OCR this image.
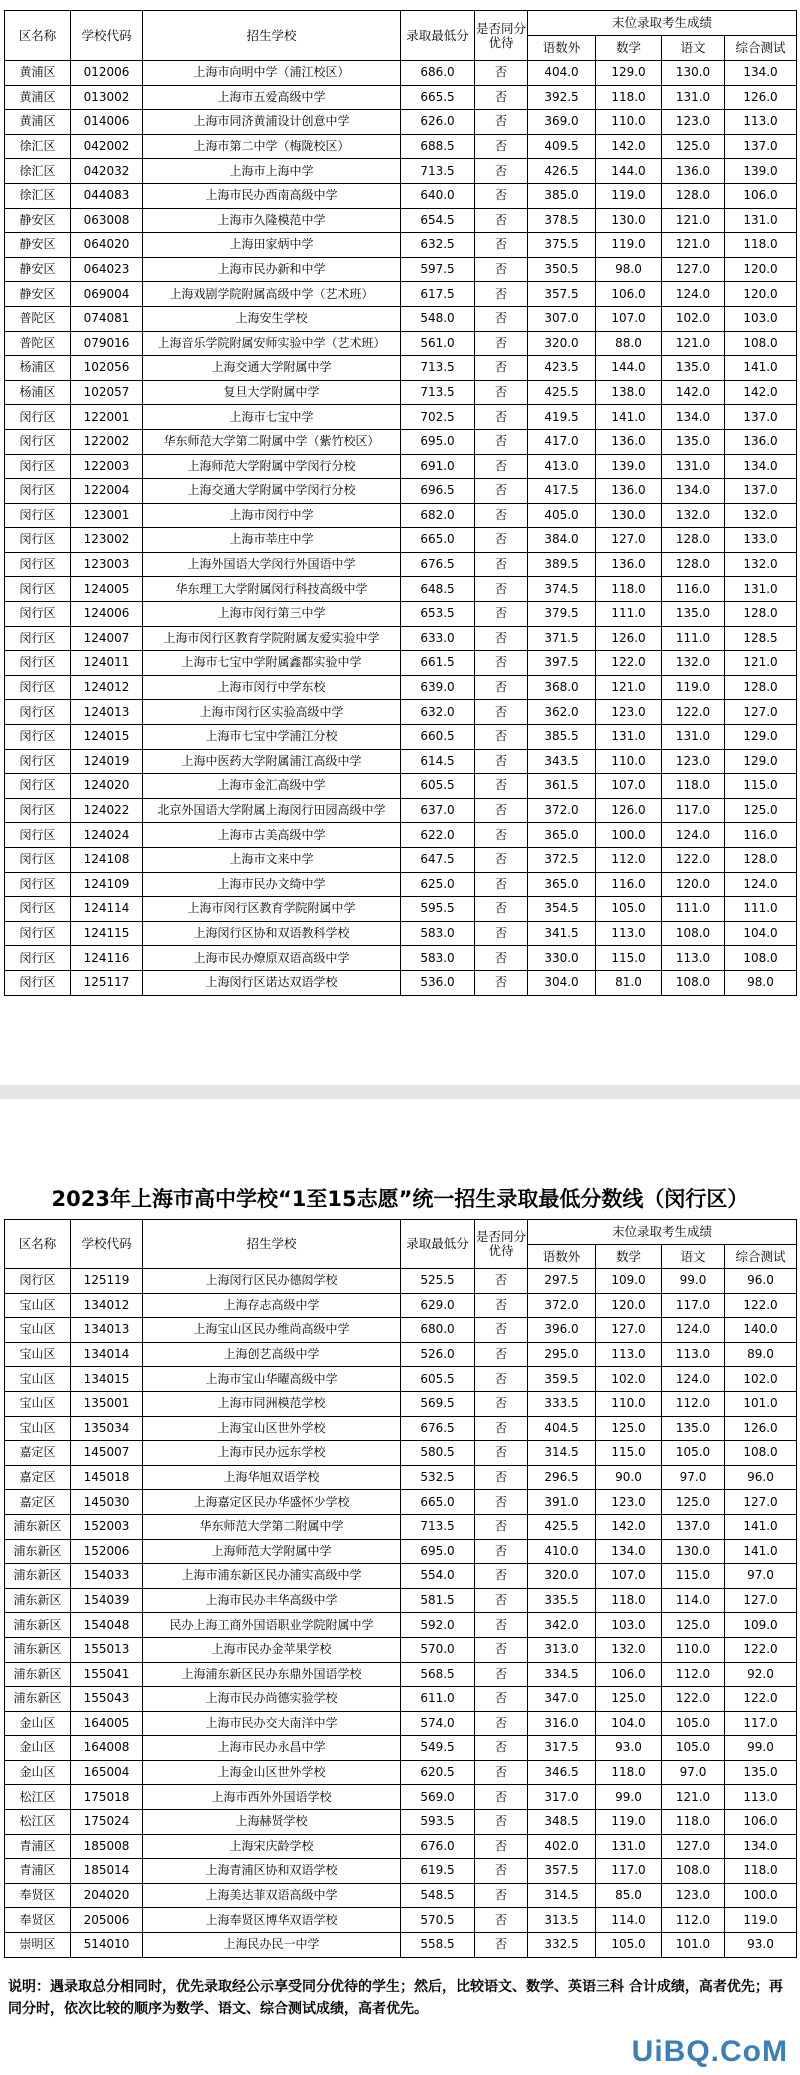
区名称	学校代码	招生学校	录取最低分	是否同分优待	末位录取考生成绩			
					语数外	数学	语文	综合测试
黄浦区	012006	上海市向明中学（浦江校区）	686.0	否	404.0	129.0	130.0	134.0
黄浦区	013002	上海市五爱高级中学	665.5	否	392.5	118.0	131.0	126.0
黄浦区	014006	上海市同济黄浦设计创意中学	626.0	否	369.0	110.0	123.0	113.0
徐汇区	042002	上海市第二中学（梅陇校区）	688.5	否	409.5	142.0	125.0	137.0
徐汇区	042032	上海市上海中学	713.5	否	426.5	144.0	136.0	139.0
徐汇区	044083	上海市民办西南高级中学	640.0	否	385.0	119.0	128.0	106.0
静安区	063008	上海市久隆模范中学	654.5	否	378.5	130.0	121.0	131.0
静安区	064020	上海田家炳中学	632.5	否	375.5	119.0	121.0	118.0
静安区	064023	上海市民办新和中学	597.5	否	350.5	98.0	127.0	120.0
静安区	069004	上海戏剧学院附属高级中学（艺术班）	617.5	否	357.5	106.0	124.0	120.0
普陀区	074081	上海安生学校	548.0	否	307.0	107.0	102.0	103.0
普陀区	079016	上海音乐学院附属安师实验中学（艺术班）	561.0	否	320.0	88.0	121.0	108.0
杨浦区	102056	上海交通大学附属中学	713.5	否	423.5	144.0	135.0	141.0
杨浦区	102057	复旦大学附属中学	713.5	否	425.5	138.0	142.0	142.0
闵行区	122001	上海市七宝中学	702.5	否	419.5	141.0	134.0	137.0
闵行区	122002	华东师范大学第二附属中学（紫竹校区）	695.0	否	417.0	136.0	135.0	136.0
闵行区	122003	上海师范大学附属中学闵行分校	691.0	否	413.0	139.0	131.0	134.0
闵行区	122004	上海交通大学附属中学闵行分校	696.5	否	417.5	136.0	134.0	137.0
闵行区	123001	上海市闵行中学	682.0	否	405.0	130.0	132.0	132.0
闵行区	123002	上海市莘庄中学	665.0	否	384.0	127.0	128.0	133.0
闵行区	123003	上海外国语大学闵行外国语中学	676.5	否	389.5	136.0	128.0	132.0
闵行区	124005	华东理工大学附属闵行科技高级中学	648.5	否	374.5	118.0	116.0	131.0
闵行区	124006	上海市闵行第三中学	653.5	否	379.5	111.0	135.0	128.0
闵行区	124007	上海市闵行区教育学院附属友爱实验中学	633.0	否	371.5	126.0	111.0	128.5
闵行区	124011	上海市七宝中学附属鑫都实验中学	661.5	否	397.5	122.0	132.0	121.0
闵行区	124012	上海市闵行中学东校	639.0	否	368.0	121.0	119.0	128.0
闵行区	124013	上海市闵行区实验高级中学	632.0	否	362.0	123.0	122.0	127.0
闵行区	124015	上海市七宝中学浦江分校	660.5	否	385.5	131.0	131.0	129.0
闵行区	124019	上海中医药大学附属浦江高级中学	614.5	否	343.5	110.0	123.0	129.0
闵行区	124020	上海市金汇高级中学	605.5	否	361.5	107.0	118.0	115.0
闵行区	124022	北京外国语大学附属上海闵行田园高级中学	637.0	否	372.0	126.0	117.0	125.0
闵行区	124024	上海市古美高级中学	622.0	否	365.0	100.0	124.0	116.0
闵行区	124108	上海市文来中学	647.5	否	372.5	112.0	122.0	128.0
闵行区	124109	上海市民办文绮中学	625.0	否	365.0	116.0	120.0	124.0
闵行区	124114	上海市闵行区教育学院附属中学	595.5	否	354.5	105.0	111.0	111.0
闵行区	124115	上海闵行区协和双语教科学校	583.0	否	341.5	113.0	108.0	104.0
闵行区	124116	上海市民办燎原双语高级中学	583.0	否	330.0	115.0	113.0	108.0
闵行区	125117	上海闵行区诺达双语学校	536.0	否	304.0	81.0	108.0	98.0
2023年上海市高中学校“1至15志愿”统一招生录取最低分数线（闵行区）
区名称	学校代码	招生学校	录取最低分	是否同分优待	末位录取考生成绩			
					语数外	数学	语文	综合测试
闵行区	125119	上海闵行区民办德闳学校	525.5	否	297.5	109.0	99.0	96.0
宝山区	134012	上海存志高级中学	629.0	否	372.0	120.0	117.0	122.0
宝山区	134013	上海宝山区民办维尚高级中学	680.0	否	396.0	127.0	124.0	140.0
宝山区	134014	上海创艺高级中学	526.0	否	295.0	113.0	113.0	89.0
宝山区	134015	上海市宝山华曜高级中学	605.5	否	359.5	102.0	124.0	102.0
宝山区	135001	上海市同洲模范学校	569.5	否	333.5	110.0	112.0	101.0
宝山区	135034	上海宝山区世外学校	676.5	否	404.5	125.0	135.0	126.0
嘉定区	145007	上海市民办远东学校	580.5	否	314.5	115.0	105.0	108.0
嘉定区	145018	上海华旭双语学校	532.5	否	296.5	90.0	97.0	96.0
嘉定区	145030	上海嘉定区民办华盛怀少学校	665.0	否	391.0	123.0	125.0	127.0
浦东新区	152003	华东师范大学第二附属中学	713.5	否	425.5	142.0	137.0	141.0
浦东新区	152006	上海师范大学附属中学	695.0	否	410.0	134.0	130.0	141.0
浦东新区	154033	上海市浦东新区民办浦实高级中学	554.0	否	320.0	107.0	115.0	97.0
浦东新区	154039	上海市民办丰华高级中学	581.5	否	335.5	118.0	114.0	127.0
浦东新区	154048	民办上海工商外国语职业学院附属中学	592.0	否	342.0	103.0	125.0	109.0
浦东新区	155013	上海市民办金苹果学校	570.0	否	313.0	132.0	110.0	122.0
浦东新区	155041	上海浦东新区民办东鼎外国语学校	568.5	否	334.5	106.0	112.0	92.0
浦东新区	155043	上海市民办尚德实验学校	611.0	否	347.0	125.0	122.0	122.0
金山区	164005	上海市民办交大南洋中学	574.0	否	316.0	104.0	105.0	117.0
金山区	164008	上海市民办永昌中学	549.5	否	317.5	93.0	105.0	99.0
金山区	165004	上海金山区世外学校	620.5	否	346.5	118.0	97.0	135.0
松江区	175018	上海市西外外国语学校	569.0	否	317.0	99.0	121.0	113.0
松江区	175024	上海赫贤学校	593.5	否	348.5	119.0	118.0	106.0
青浦区	185008	上海宋庆龄学校	676.0	否	402.0	131.0	127.0	134.0
青浦区	185014	上海青浦区协和双语学校	619.5	否	357.5	117.0	108.0	118.0
奉贤区	204020	上海美达菲双语高级中学	548.5	否	314.5	85.0	123.0	100.0
奉贤区	205006	上海奉贤区博华双语学校	570.5	否	313.5	114.0	112.0	119.0
崇明区	514010	上海民办民一中学	558.5	否	332.5	105.0	101.0	93.0
说明：遇录取总分相同时，优先录取经公示享受同分优待的学生；然后，比较语文、数学、英语三科 合计成绩，高者优先；再同分时，依次比较的顺序为数学、语文、综合测试成绩，高者优先。
UiBQ.CoM
